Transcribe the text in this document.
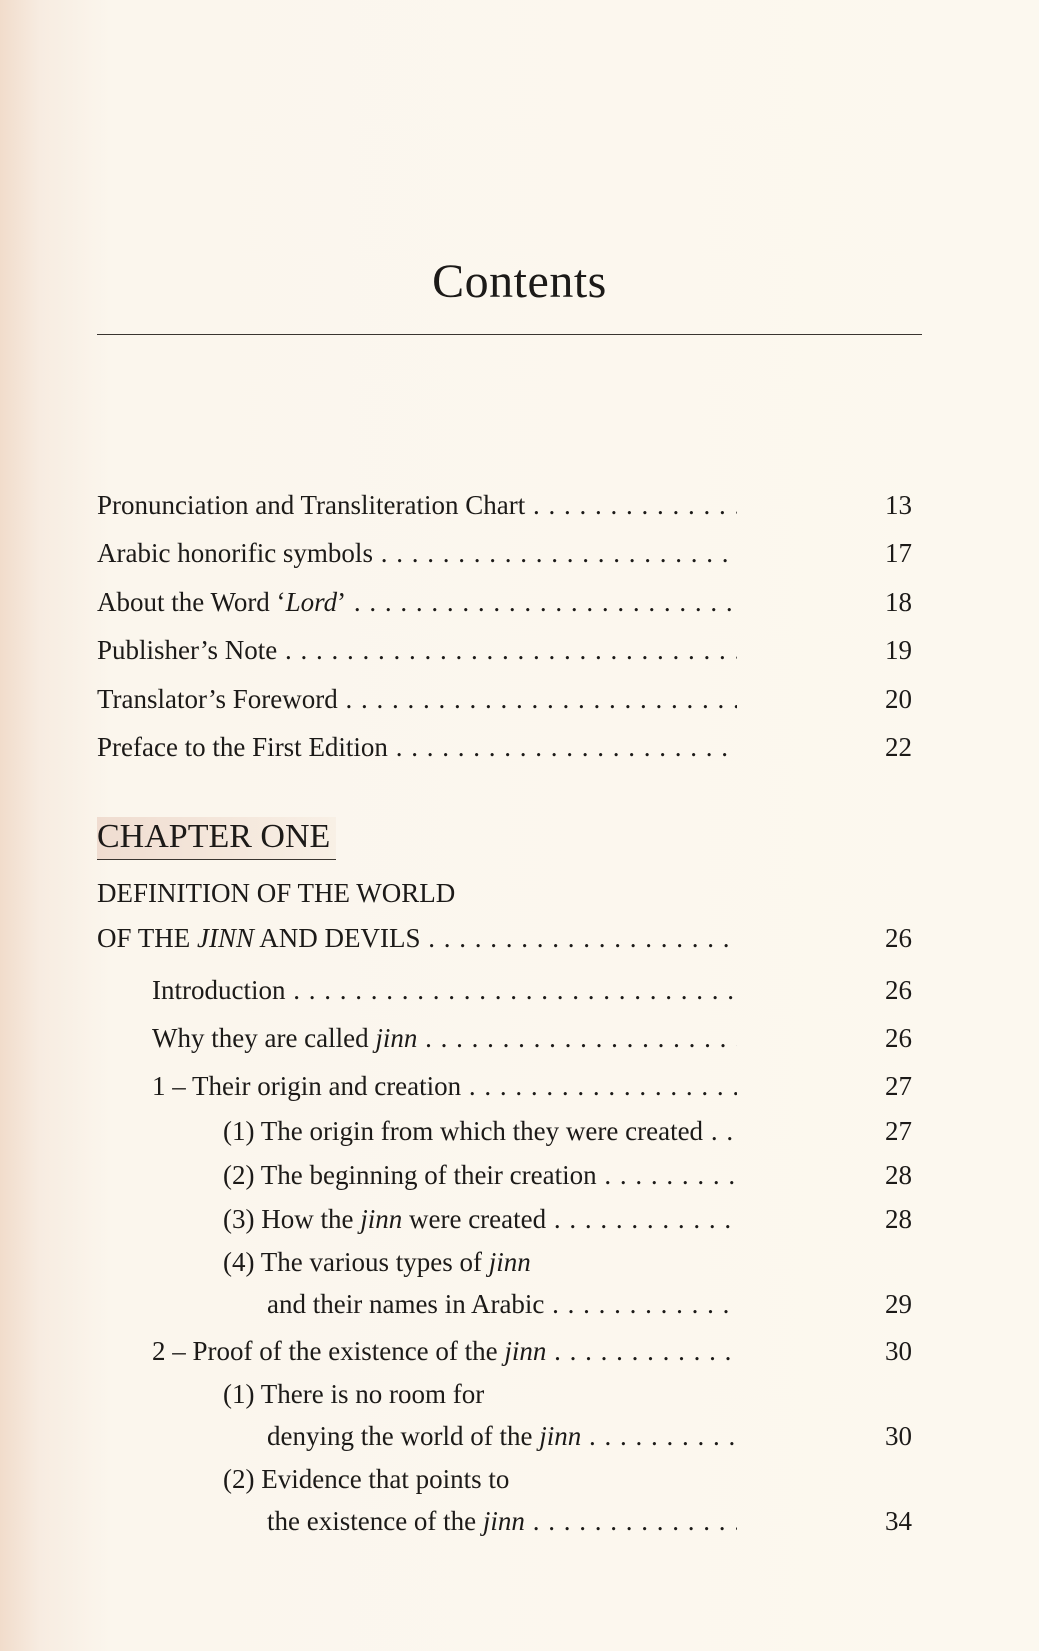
Contents
Pronunciation and Transliteration Chart . . .	13
Arabic honorific symbols . . .	17
About the Word ‘Lord’ . . .	18
Publisher’s Note . . .	19
Translator’s Foreword . . .	20
Preface to the First Edition . . .	22
CHAPTER ONE
DEFINITION OF THE WORLD
OF THE JINN AND DEVILS . . .	26
Introduction . . .	26
Why they are called jinn . . .	26
1 – Their origin and creation . . .	27
(1) The origin from which they were created . . .	27
(2) The beginning of their creation . . .	28
(3) How the jinn were created . . .	28
(4) The various types of jinn
and their names in Arabic . . .	29
2 – Proof of the existence of the jinn . . .	30
(1) There is no room for
denying the world of the jinn . . .	30
(2) Evidence that points to
the existence of the jinn . . .	34
